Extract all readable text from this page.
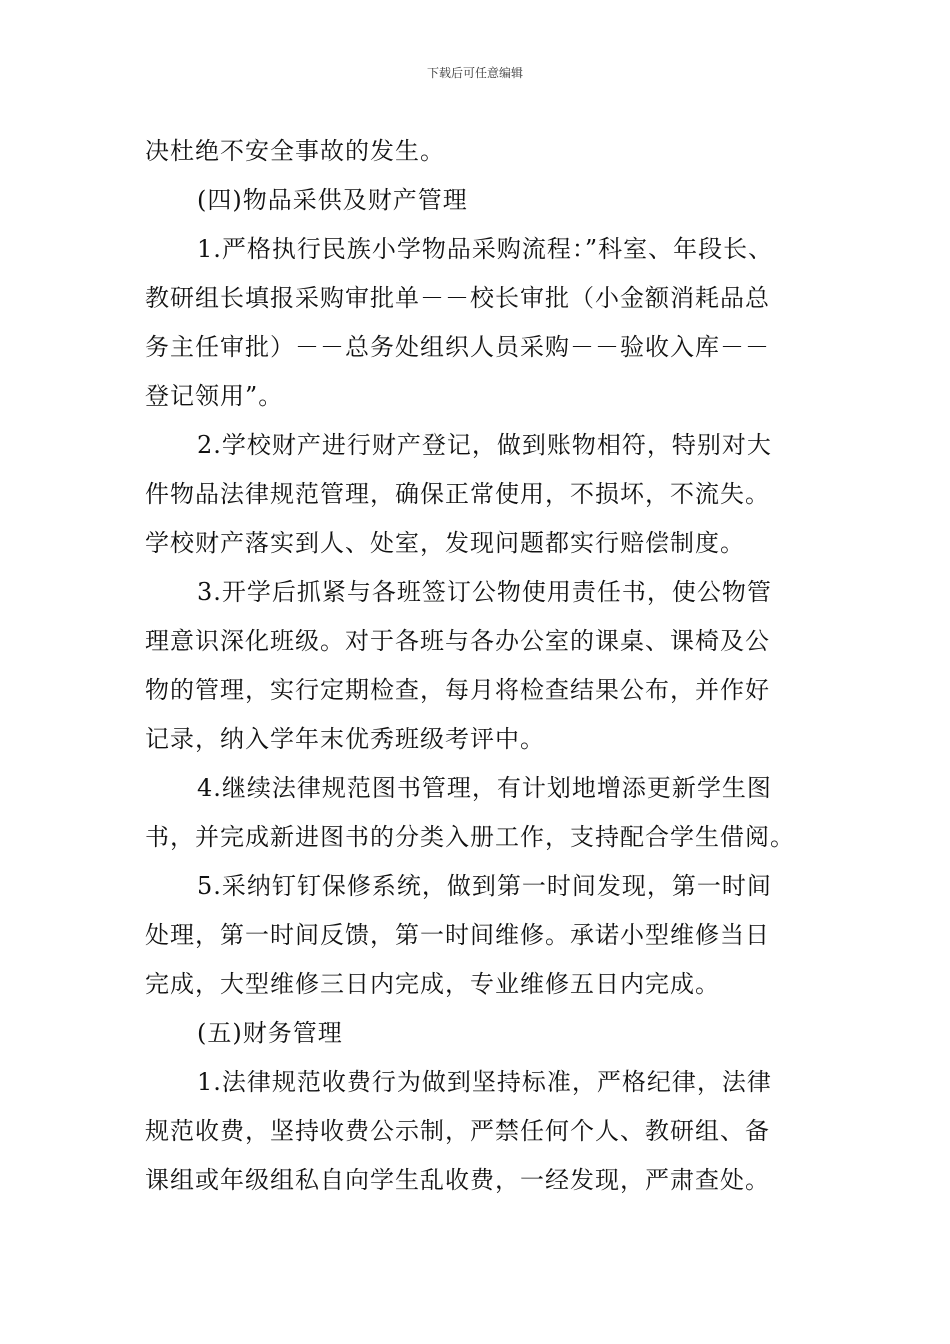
下载后可任意编辑

决杜绝不安全事故的发生。

(四)物品采供及财产管理

1.严格执行民族小学物品采购流程：”科室、年段长、
教研组长填报采购审批单－－校长审批（小金额消耗品总
务主任审批）－－总务处组织人员采购－－验收入库－－
登记领用”。

2.学校财产进行财产登记，做到账物相符，特别对大
件物品法律规范管理，确保正常使用，不损坏，不流失。
学校财产落实到人、处室，发现问题都实行赔偿制度。

3.开学后抓紧与各班签订公物使用责任书，使公物管
理意识深化班级。对于各班与各办公室的课桌、课椅及公
物的管理，实行定期检查，每月将检查结果公布，并作好
记录，纳入学年末优秀班级考评中。

4.继续法律规范图书管理，有计划地增添更新学生图
书，并完成新进图书的分类入册工作，支持配合学生借阅。

5.采纳钉钉保修系统，做到第一时间发现，第一时间
处理，第一时间反馈，第一时间维修。承诺小型维修当日
完成，大型维修三日内完成，专业维修五日内完成。

(五)财务管理

1.法律规范收费行为做到坚持标准，严格纪律，法律
规范收费，坚持收费公示制，严禁任何个人、教研组、备
课组或年级组私自向学生乱收费，一经发现，严肃查处。
